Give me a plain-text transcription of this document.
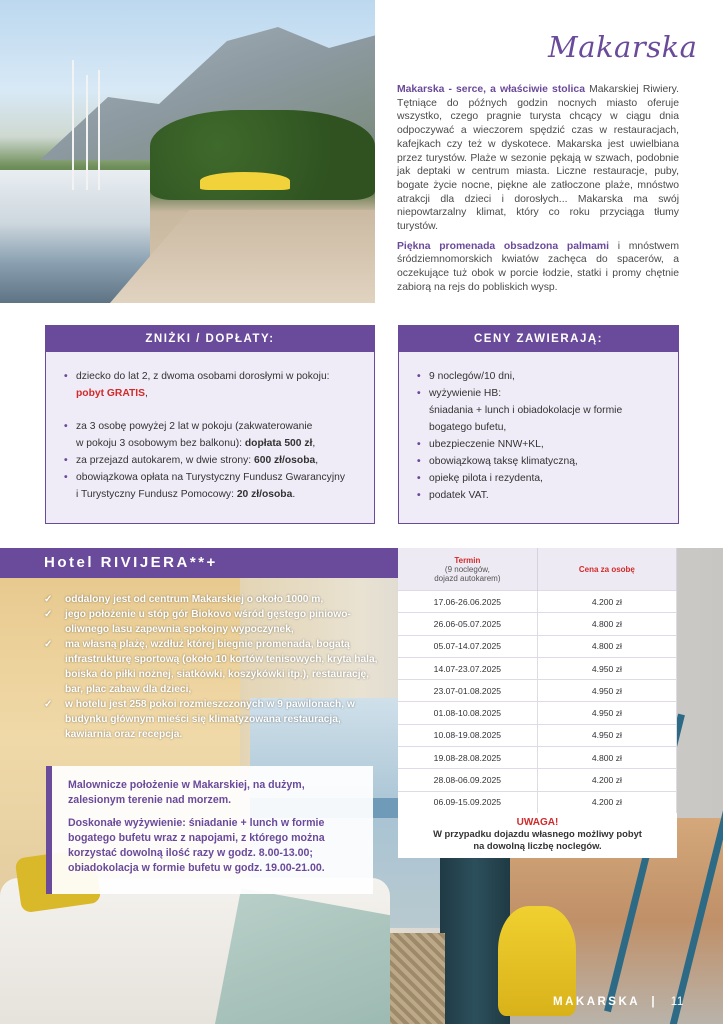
Makarska

Makarska - serce, a właściwie stolica Makarskiej Riwiery. Tętniące do późnych godzin nocnych miasto oferuje wszystko, czego pragnie turysta chcący w ciągu dnia odpoczywać a wieczorem spędzić czas w restauracjach, kafejkach czy też w dyskotece. Makarska jest uwielbiana przez turystów. Plaże w sezonie pękają w szwach, podobnie jak deptaki w centrum miasta. Liczne restauracje, puby, bogate życie nocne, piękne ale zatłoczone plaże, mnóstwo atrakcji dla dzieci i dorosłych... Makarska ma swój niepowtarzalny klimat, który co roku przyciąga tłumy turystów.

Piękna promenada obsadzona palmami i mnóstwem śródziemnomorskich kwiatów zachęca do spacerów, a oczekujące tuż obok w porcie łodzie, statki i promy chętnie zabiorą na rejs do pobliskich wysp.

ZNIŻKI / DOPŁATY:
• dziecko do lat 2, z dwoma osobami dorosłymi w pokoju:
pobyt GRATIS,
• za 3 osobę powyżej 2 lat w pokoju (zakwaterowanie
w pokoju 3 osobowym bez balkonu): dopłata 500 zł,
• za przejazd autokarem, w dwie strony: 600 zł/osoba,
• obowiązkowa opłata na Turystyczny Fundusz Gwarancyjny
i Turystyczny Fundusz Pomocowy: 20 zł/osoba.
CENY ZAWIERAJĄ:
• 9 noclegów/10 dni,
• wyżywienie HB:
śniadania + lunch i obiadokolacje w formie
bogatego bufetu,
• ubezpieczenie NNW+KL,
• obowiązkową taksę klimatyczną,
• opiekę pilota i rezydenta,
• podatek VAT.
Hotel RIVIJERA**+
✓ oddalony jest od centrum Makarskiej o około 1000 m,
✓ jego położenie u stóp gór Biokovo wśród gęstego piniowo-oliwnego lasu zapewnia spokojny wypoczynek,
✓ ma własną plażę, wzdłuż której biegnie promenada, bogatą infrastrukturę sportową (około 10 kortów tenisowych, kryta hala, boiska do piłki nożnej, siatkówki, koszykówki itp.), restaurację, bar, plac zabaw dla dzieci,
✓ w hotelu jest 258 pokoi rozmieszczonych w 9 pawilonach, w budynku głównym mieści się klimatyzowana restauracja, kawiarnia oraz recepcja.

Malownicze położenie w Makarskiej, na dużym, zalesionym terenie nad morzem.

Doskonałe wyżywienie: śniadanie + lunch w formie bogatego bufetu wraz z napojami, z którego można korzystać dowolną ilość razy w godz. 8.00-13.00; obiadokolacja w formie bufetu w godz. 19.00-21.00.

Termin
(9 noclegów,
dojazd autokarem)	Cena za osobę
17.06-26.06.2025	4.200 zł
26.06-05.07.2025	4.800 zł
05.07-14.07.2025	4.800 zł
14.07-23.07.2025	4.950 zł
23.07-01.08.2025	4.950 zł
01.08-10.08.2025	4.950 zł
10.08-19.08.2025	4.950 zł
19.08-28.08.2025	4.800 zł
28.08-06.09.2025	4.200 zł
06.09-15.09.2025	4.200 zł
UWAGA!
W przypadku dojazdu własnego możliwy pobyt
na dowolną liczbę noclegów.
MAKARSKA | 11
